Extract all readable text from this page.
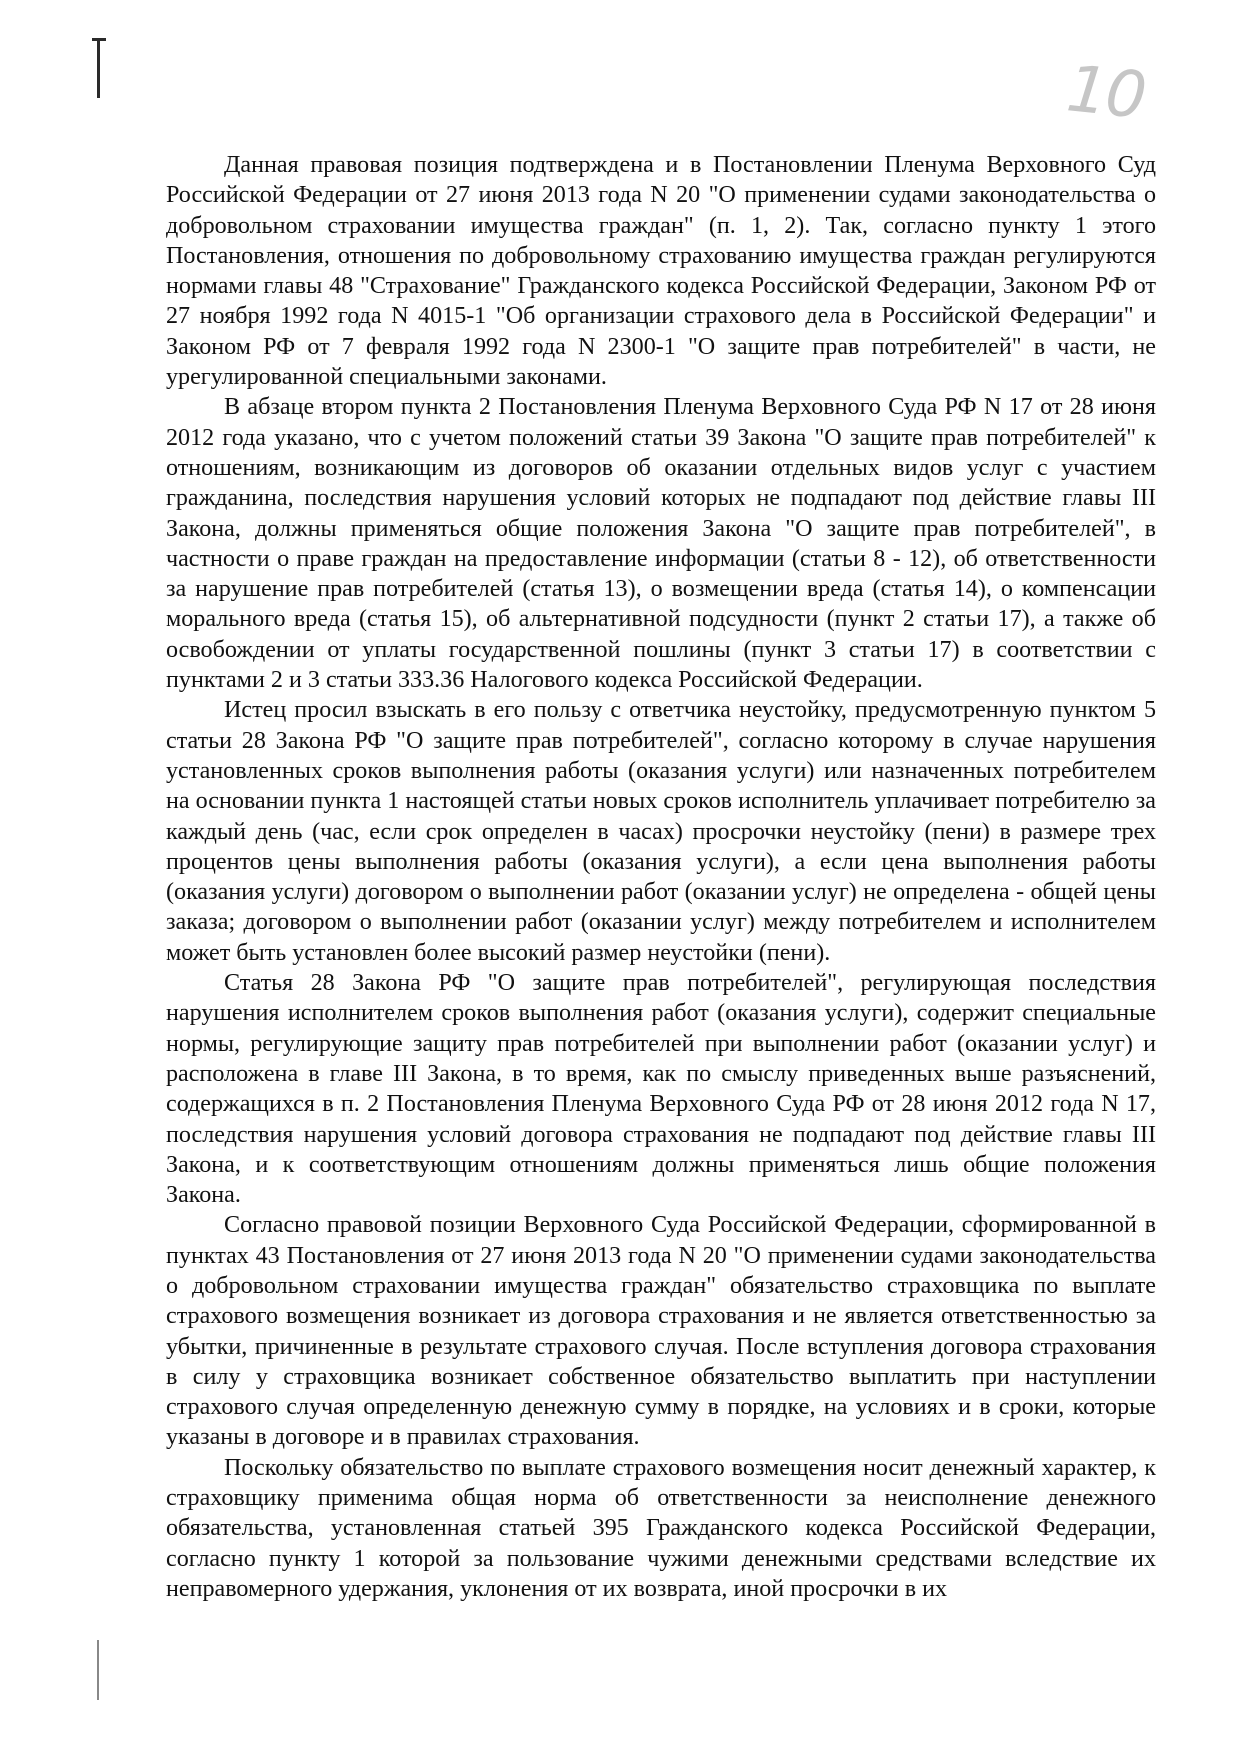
10

Данная правовая позиция подтверждена и в Постановлении Пленума Верховного Суд Российской Федерации от 27 июня 2013 года N 20 "О применении судами законодательства о добровольном страховании имущества граждан" (п. 1, 2). Так, согласно пункту 1 этого Постановления, отношения по добровольному страхованию имущества граждан регулируются нормами главы 48 "Страхование" Гражданского кодекса Российской Федерации, Законом РФ от 27 ноября 1992 года N 4015-1 "Об организации страхового дела в Российской Федерации" и Законом РФ от 7 февраля 1992 года N 2300-1 "О защите прав потребителей" в части, не урегулированной специальными законами.

В абзаце втором пункта 2 Постановления Пленума Верховного Суда РФ N 17 от 28 июня 2012 года указано, что с учетом положений статьи 39 Закона "О защите прав потребителей" к отношениям, возникающим из договоров об оказании отдельных видов услуг с участием гражданина, последствия нарушения условий которых не подпадают под действие главы III Закона, должны применяться общие положения Закона "О защите прав потребителей", в частности о праве граждан на предоставление информации (статьи 8 - 12), об ответственности за нарушение прав потребителей (статья 13), о возмещении вреда (статья 14), о компенсации морального вреда (статья 15), об альтернативной подсудности (пункт 2 статьи 17), а также об освобождении от уплаты государственной пошлины (пункт 3 статьи 17) в соответствии с пунктами 2 и 3 статьи 333.36 Налогового кодекса Российской Федерации.

Истец просил взыскать в его пользу с ответчика неустойку, предусмотренную пунктом 5 статьи 28 Закона РФ "О защите прав потребителей", согласно которому в случае нарушения установленных сроков выполнения работы (оказания услуги) или назначенных потребителем на основании пункта 1 настоящей статьи новых сроков исполнитель уплачивает потребителю за каждый день (час, если срок определен в часах) просрочки неустойку (пени) в размере трех процентов цены выполнения работы (оказания услуги), а если цена выполнения работы (оказания услуги) договором о выполнении работ (оказании услуг) не определена - общей цены заказа; договором о выполнении работ (оказании услуг) между потребителем и исполнителем может быть установлен более высокий размер неустойки (пени).

Статья 28 Закона РФ "О защите прав потребителей", регулирующая последствия нарушения исполнителем сроков выполнения работ (оказания услуги), содержит специальные нормы, регулирующие защиту прав потребителей при выполнении работ (оказании услуг) и расположена в главе III Закона, в то время, как по смыслу приведенных выше разъяснений, содержащихся в п. 2 Постановления Пленума Верховного Суда РФ от 28 июня 2012 года N 17, последствия нарушения условий договора страхования не подпадают под действие главы III Закона, и к соответствующим отношениям должны применяться лишь общие положения Закона.

Согласно правовой позиции Верховного Суда Российской Федерации, сформированной в пунктах 43 Постановления от 27 июня 2013 года N 20 "О применении судами законодательства о добровольном страховании имущества граждан" обязательство страховщика по выплате страхового возмещения возникает из договора страхования и не является ответственностью за убытки, причиненные в результате страхового случая. После вступления договора страхования в силу у страховщика возникает собственное обязательство выплатить при наступлении страхового случая определенную денежную сумму в порядке, на условиях и в сроки, которые указаны в договоре и в правилах страхования.

Поскольку обязательство по выплате страхового возмещения носит денежный характер, к страховщику применима общая норма об ответственности за неисполнение денежного обязательства, установленная статьей 395 Гражданского кодекса Российской Федерации, согласно пункту 1 которой за пользование чужими денежными средствами вследствие их неправомерного удержания, уклонения от их возврата, иной просрочки в их
